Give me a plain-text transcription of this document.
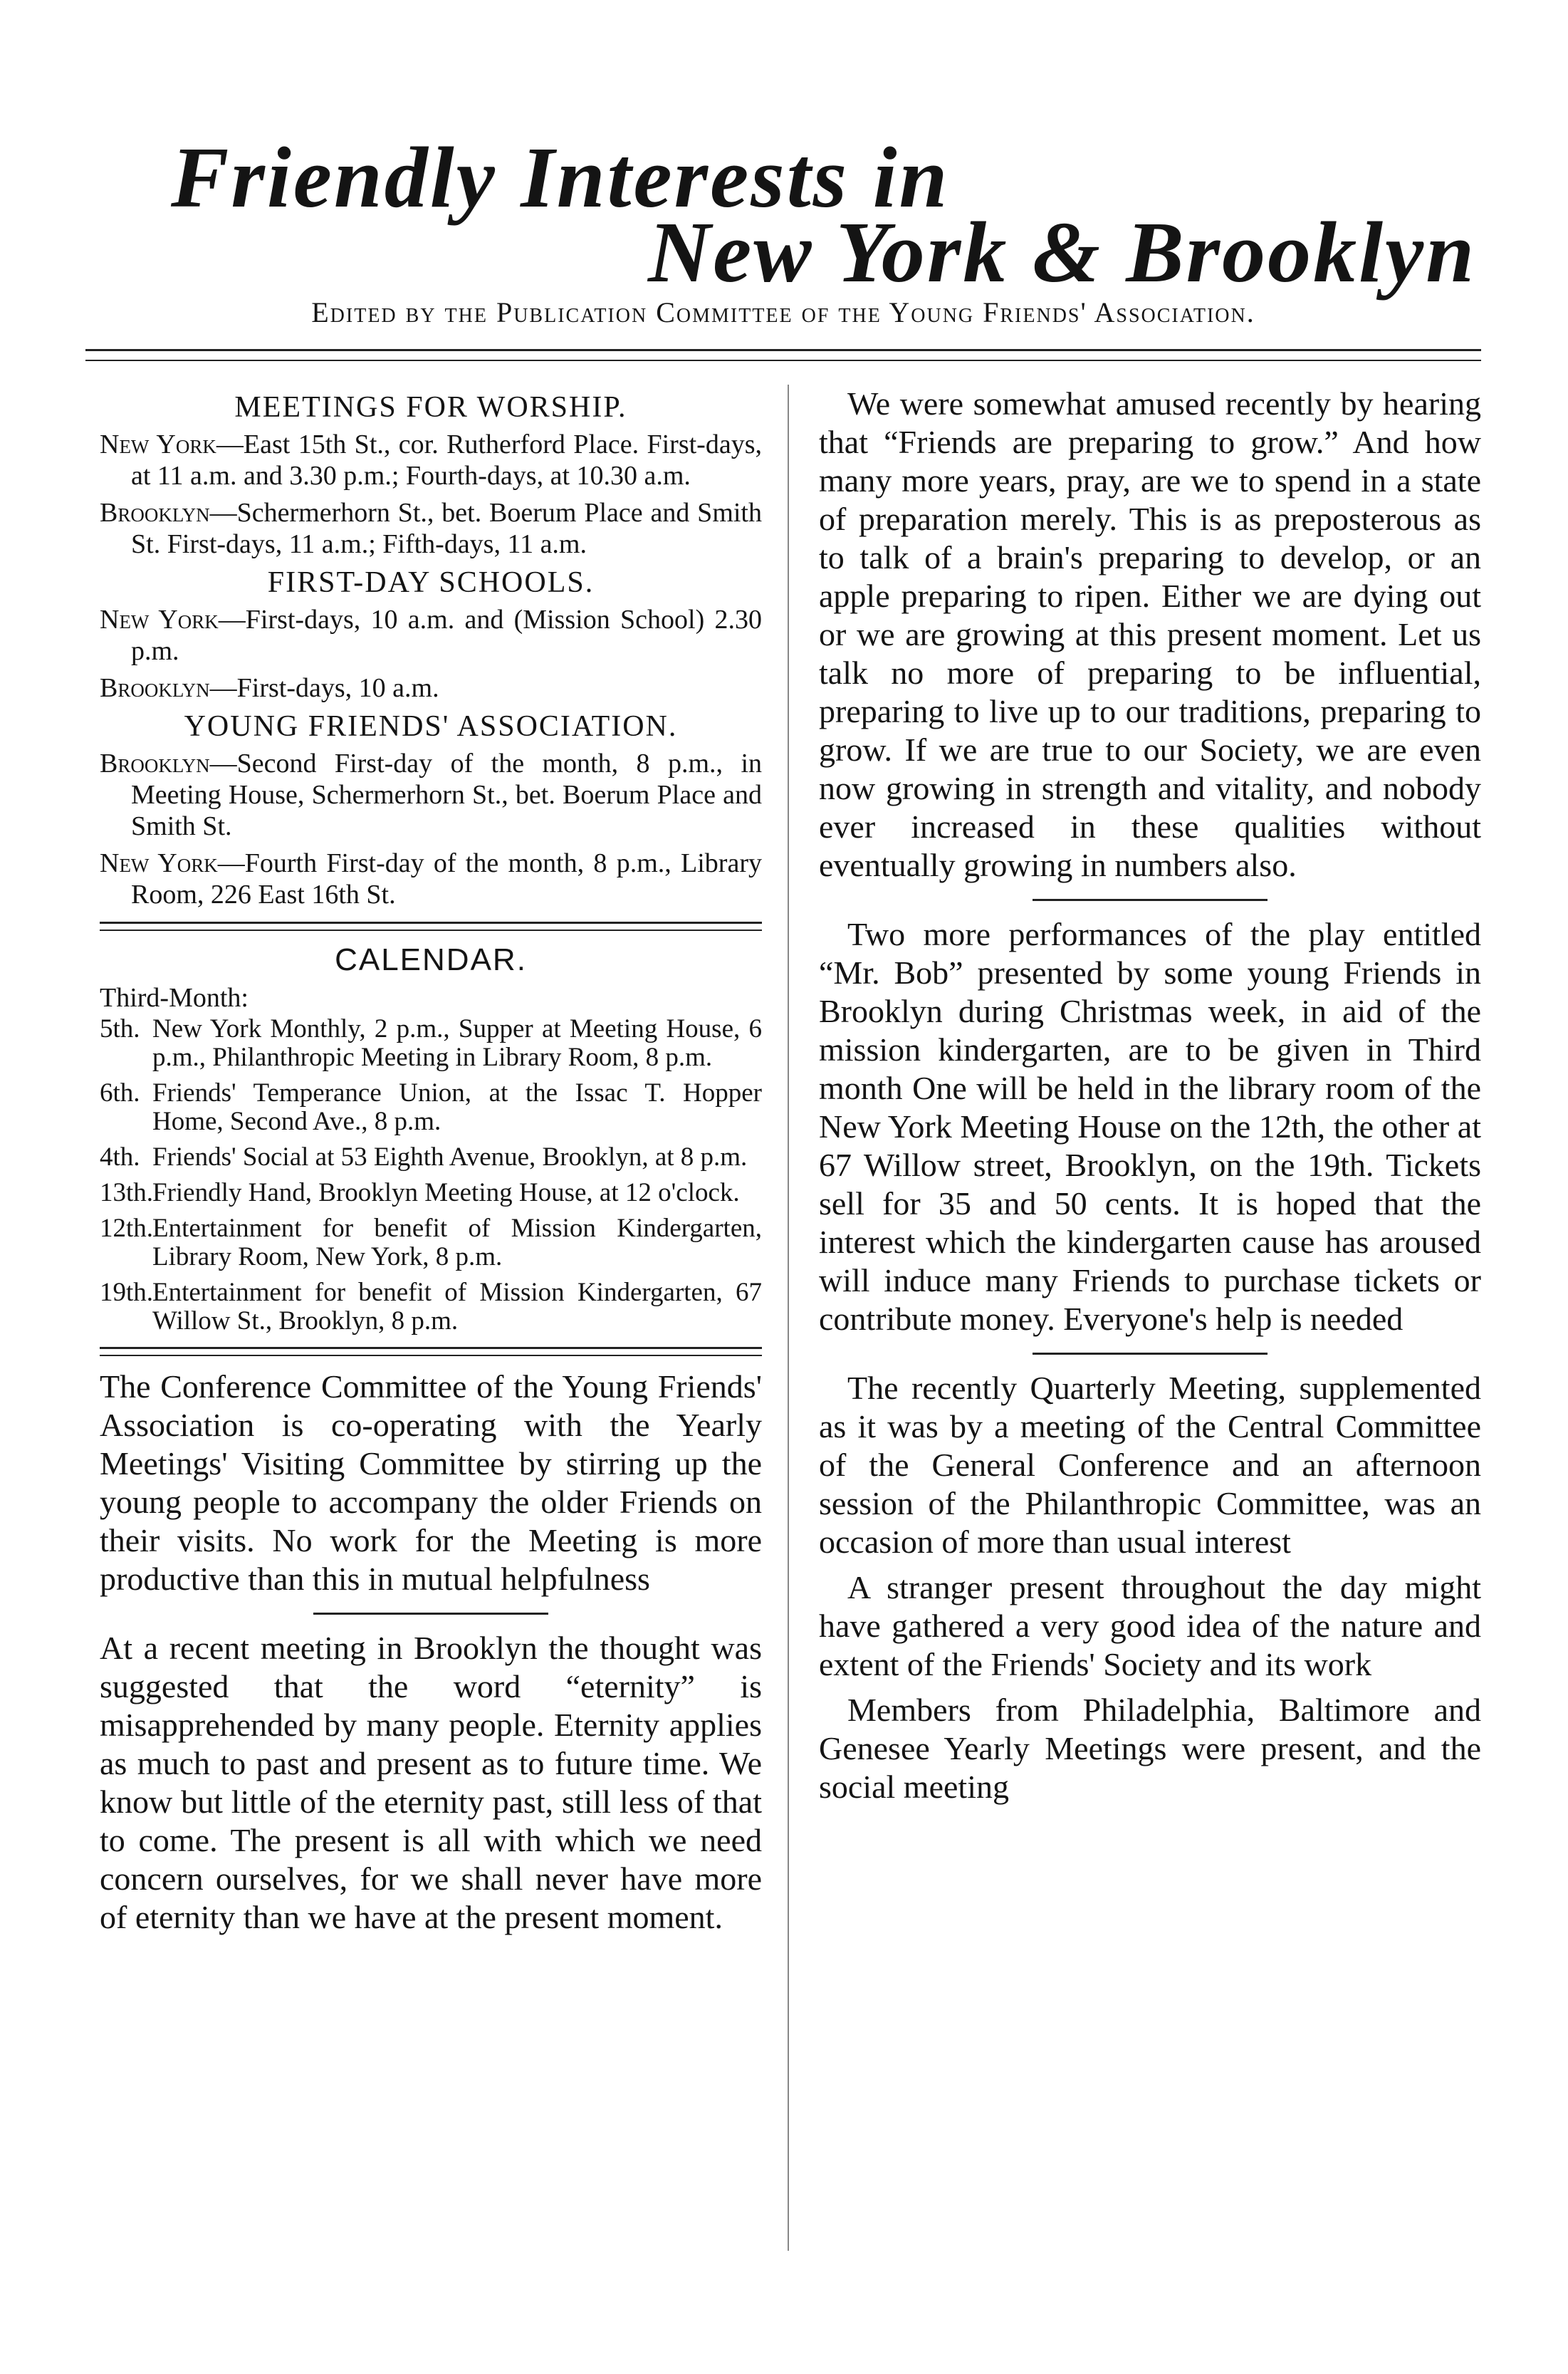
Friendly Interests in
New York & Brooklyn
Edited by the Publication Committee of the Young Friends' Association.
MEETINGS FOR WORSHIP.
New York—East 15th St., cor. Rutherford Place. First-days, at 11 a.m. and 3.30 p.m.; Fourth-days, at 10.30 a.m.
Brooklyn—Schermerhorn St., bet. Boerum Place and Smith St. First-days, 11 a.m.; Fifth-days, 11 a.m.
FIRST-DAY SCHOOLS.
New York—First-days, 10 a.m. and (Mission School) 2.30 p.m.
Brooklyn—First-days, 10 a.m.
YOUNG FRIENDS' ASSOCIATION.
Brooklyn—Second First-day of the month, 8 p.m., in Meeting House, Schermerhorn St., bet. Boerum Place and Smith St.
New York—Fourth First-day of the month, 8 p.m., Library Room, 226 East 16th St.
CALENDAR.
Third-Month:
5th. New York Monthly, 2 p.m., Supper at Meeting House, 6 p.m., Philanthropic Meeting in Library Room, 8 p.m.
6th. Friends' Temperance Union, at the Issac T. Hopper Home, Second Ave., 8 p.m.
4th. Friends' Social at 53 Eighth Avenue, Brooklyn, at 8 p.m.
13th.
Friendly Hand, Brooklyn Meeting House, at 12 o'clock.
12th.
Entertainment for benefit of Mission Kindergarten, Library Room, New York, 8 p.m.
19th.
Entertainment for benefit of Mission Kindergarten, 67 Willow St., Brooklyn, 8 p.m.

The Conference Committee of the Young Friends' Association is co-operating with the Yearly Meetings' Visiting Committee by stirring up the young people to accompany the older Friends on their visits. No work for the Meeting is more productive than this in mutual helpfulness

At a recent meeting in Brooklyn the thought was suggested that the word “eternity” is misapprehended by many people. Eternity applies as much to past and present as to future time. We know but little of the eternity past, still less of that to come. The present is all with which we need concern ourselves, for we shall never have more of eternity than we have at the present moment.

We were somewhat amused recently by hearing that “Friends are preparing to grow.” And how many more years, pray, are we to spend in a state of preparation merely. This is as preposterous as to talk of a brain's preparing to develop, or an apple preparing to ripen. Either we are dying out or we are growing at this present moment. Let us talk no more of preparing to be influential, preparing to live up to our traditions, preparing to grow. If we are true to our Society, we are even now growing in strength and vitality, and nobody ever increased in these qualities without eventually growing in numbers also.

Two more performances of the play entitled “Mr. Bob” presented by some young Friends in Brooklyn during Christmas week, in aid of the mission kindergarten, are to be given in Third month One will be held in the library room of the New York Meeting House on the 12th, the other at 67 Willow street, Brooklyn, on the 19th. Tickets sell for 35 and 50 cents. It is hoped that the interest which the kindergarten cause has aroused will induce many Friends to purchase tickets or contribute money. Everyone's help is needed

The recently Quarterly Meeting, supplemented as it was by a meeting of the Central Committee of the General Conference and an afternoon session of the Philanthropic Committee, was an occasion of more than usual interest

A stranger present throughout the day might have gathered a very good idea of the nature and extent of the Friends' Society and its work

Members from Philadelphia, Baltimore and Genesee Yearly Meetings were present, and the social meeting
